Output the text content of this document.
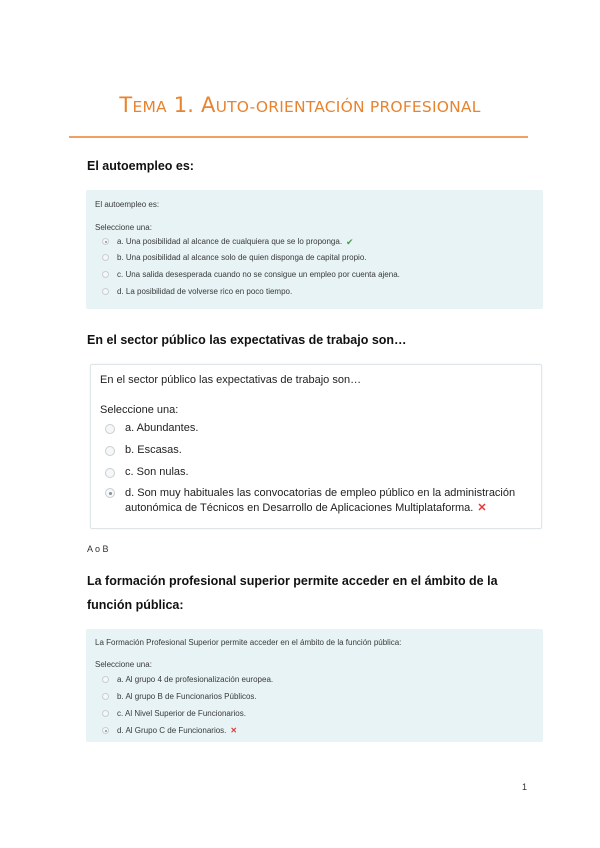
TEMA 1. AUTO-ORIENTACIÓN PROFESIONAL
El autoempleo es:
El autoempleo es:
Seleccione una:
a. Una posibilidad al alcance de cualquiera que se lo proponga. ✔
b. Una posibilidad al alcance solo de quien disponga de capital propio.
c. Una salida desesperada cuando no se consigue un empleo por cuenta ajena.
d. La posibilidad de volverse rico en poco tiempo.
En el sector público las expectativas de trabajo son…
En el sector público las expectativas de trabajo son…
Seleccione una:
a. Abundantes.
b. Escasas.
c. Son nulas.
d. Son muy habituales las convocatorias de empleo público en la administración autonómica de Técnicos en Desarrollo de Aplicaciones Multiplataforma. ✕
A o B
La formación profesional superior permite acceder en el ámbito de la función pública:
La Formación Profesional Superior permite acceder en el ámbito de la función pública:
Seleccione una:
a. Al grupo 4 de profesionalización europea.
b. Al grupo B de Funcionarios Públicos.
c. Al Nivel Superior de Funcionarios.
d. Al Grupo C de Funcionarios. ✕
1
